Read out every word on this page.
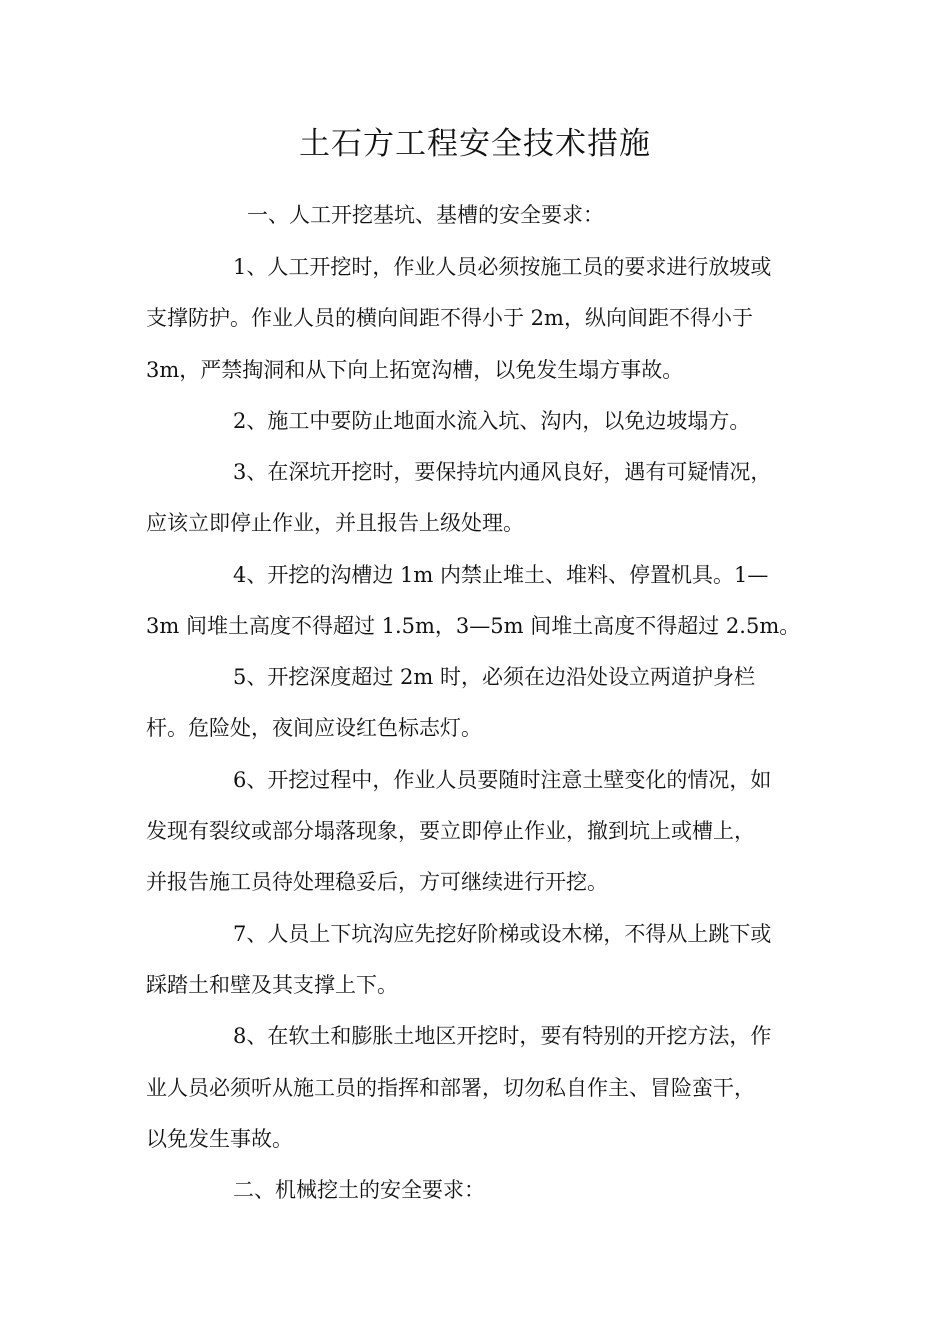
土石方工程安全技术措施

一、人工开挖基坑、基槽的安全要求：

1、人工开挖时，作业人员必须按施工员的要求进行放坡或

支撑防护。作业人员的横向间距不得小于 2m，纵向间距不得小于

3m，严禁掏洞和从下向上拓宽沟槽，以免发生塌方事故。

2、施工中要防止地面水流入坑、沟内，以免边坡塌方。

3、在深坑开挖时，要保持坑内通风良好，遇有可疑情况，

应该立即停止作业，并且报告上级处理。

4、开挖的沟槽边 1m 内禁止堆土、堆料、停置机具。1—

3m 间堆土高度不得超过 1.5m，3—5m 间堆土高度不得超过 2.5m。

5、开挖深度超过 2m 时，必须在边沿处设立两道护身栏

杆。危险处，夜间应设红色标志灯。

6、开挖过程中，作业人员要随时注意土壁变化的情况，如

发现有裂纹或部分塌落现象，要立即停止作业，撤到坑上或槽上，

并报告施工员待处理稳妥后，方可继续进行开挖。

7、人员上下坑沟应先挖好阶梯或设木梯，不得从上跳下或

踩踏土和壁及其支撑上下。

8、在软土和膨胀土地区开挖时，要有特别的开挖方法，作

业人员必须听从施工员的指挥和部署，切勿私自作主、冒险蛮干，

以免发生事故。

二、机械挖土的安全要求：
